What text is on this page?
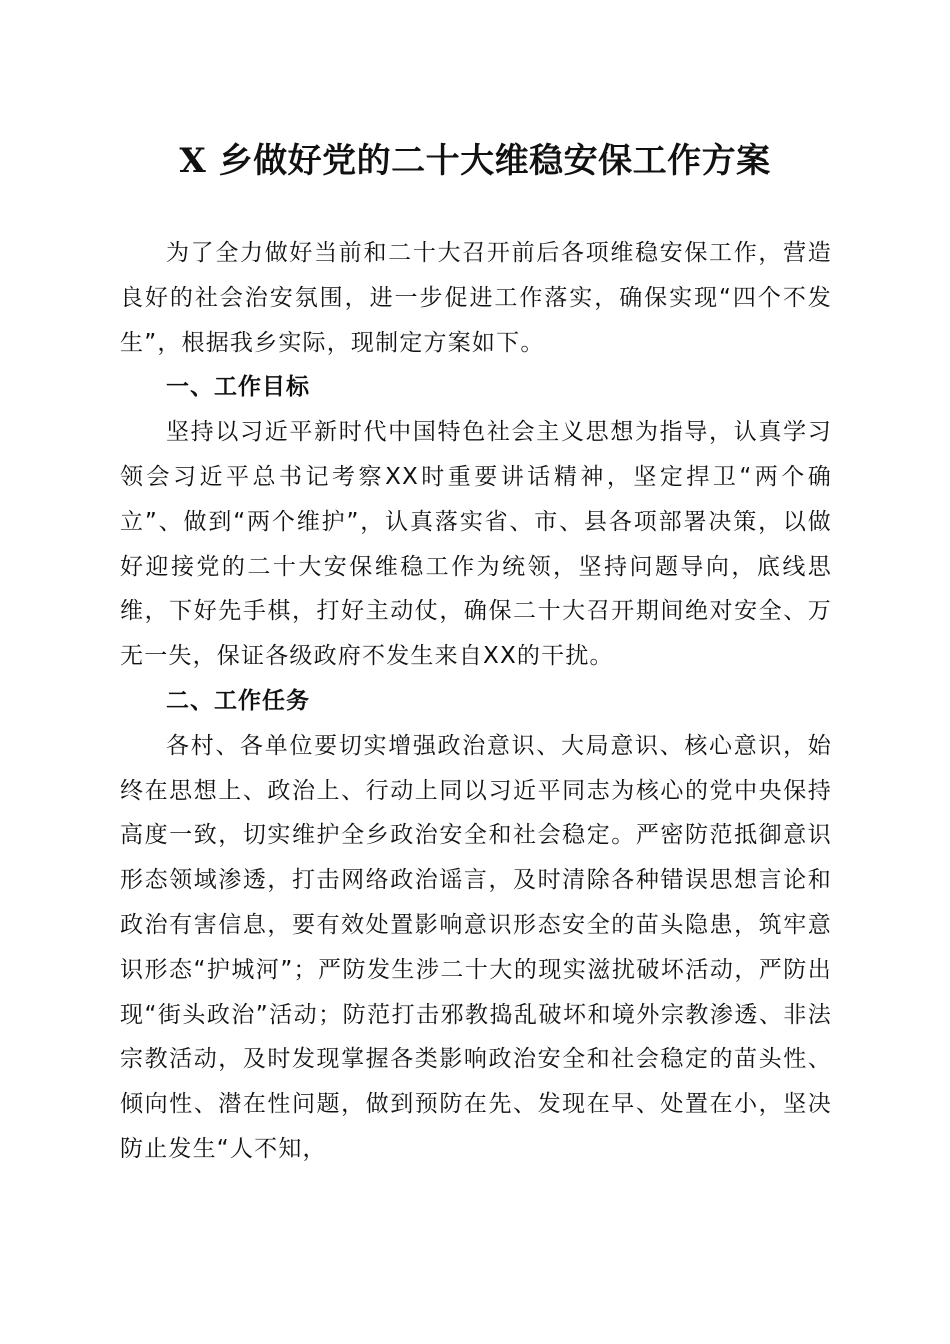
X 乡做好党的二十大维稳安保工作方案

为了全力做好当前和二十大召开前后各项维稳安保工作，营造良好的社会治安氛围，进一步促进工作落实，确保实现“四个不发生”，根据我乡实际，现制定方案如下。

一、工作目标

坚持以习近平新时代中国特色社会主义思想为指导，认真学习领会习近平总书记考察XX时重要讲话精神，坚定捍卫“两个确立”、做到“两个维护”，认真落实省、市、县各项部署决策，以做好迎接党的二十大安保维稳工作为统领，坚持问题导向，底线思维，下好先手棋，打好主动仗，确保二十大召开期间绝对安全、万无一失，保证各级政府不发生来自XX的干扰。

二、工作任务

各村、各单位要切实增强政治意识、大局意识、核心意识，始终在思想上、政治上、行动上同以习近平同志为核心的党中央保持高度一致，切实维护全乡政治安全和社会稳定。严密防范抵御意识形态领域渗透，打击网络政治谣言，及时清除各种错误思想言论和政治有害信息，要有效处置影响意识形态安全的苗头隐患，筑牢意识形态“护城河”；严防发生涉二十大的现实滋扰破坏活动，严防出现“街头政治”活动；防范打击邪教捣乱破坏和境外宗教渗透、非法宗教活动，及时发现掌握各类影响政治安全和社会稳定的苗头性、倾向性、潜在性问题，做到预防在先、发现在早、处置在小，坚决防止发生“人不知，
